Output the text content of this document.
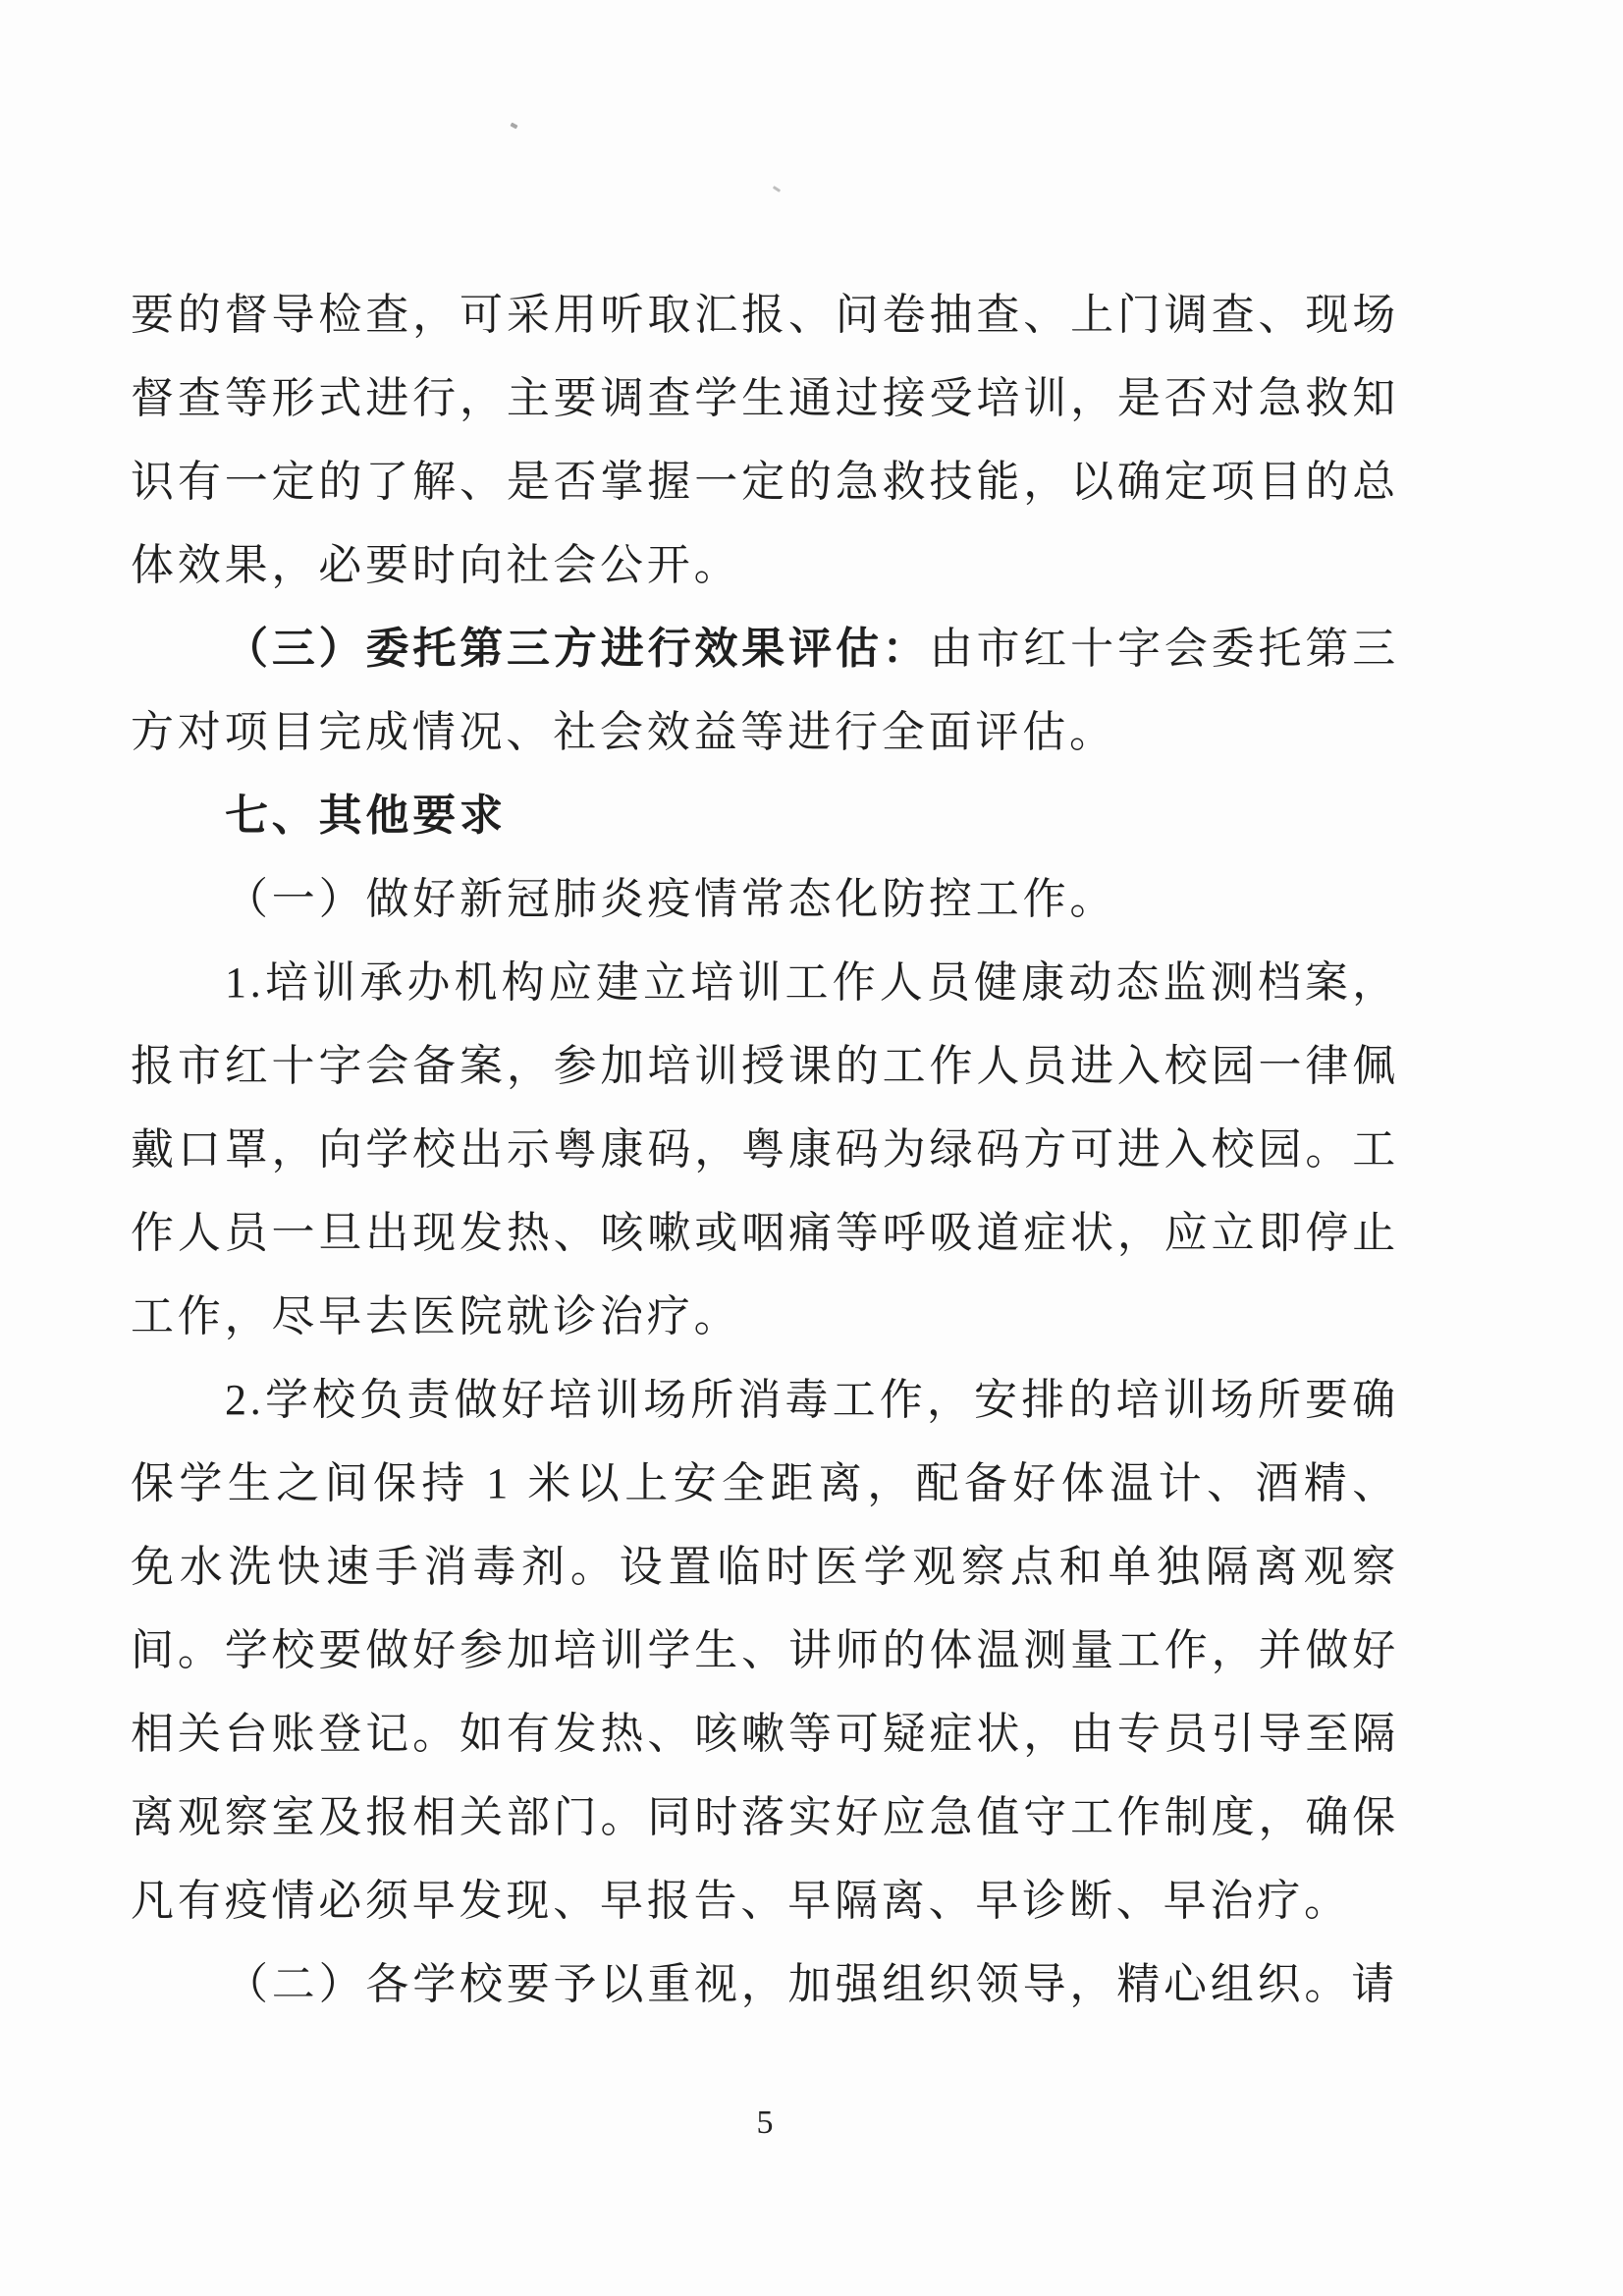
要的督导检查，可采用听取汇报、问卷抽查、上门调查、现场督查等形式进行，主要调查学生通过接受培训，是否对急救知识有一定的了解、是否掌握一定的急救技能，以确定项目的总体效果，必要时向社会公开。

（三）委托第三方进行效果评估：由市红十字会委托第三方对项目完成情况、社会效益等进行全面评估。

七、其他要求

（一）做好新冠肺炎疫情常态化防控工作。

1.培训承办机构应建立培训工作人员健康动态监测档案，报市红十字会备案，参加培训授课的工作人员进入校园一律佩戴口罩，向学校出示粤康码，粤康码为绿码方可进入校园。工作人员一旦出现发热、咳嗽或咽痛等呼吸道症状，应立即停止工作，尽早去医院就诊治疗。

2.学校负责做好培训场所消毒工作，安排的培训场所要确保学生之间保持 1 米以上安全距离，配备好体温计、酒精、免水洗快速手消毒剂。设置临时医学观察点和单独隔离观察间。学校要做好参加培训学生、讲师的体温测量工作，并做好相关台账登记。如有发热、咳嗽等可疑症状，由专员引导至隔离观察室及报相关部门。同时落实好应急值守工作制度，确保凡有疫情必须早发现、早报告、早隔离、早诊断、早治疗。

（二）各学校要予以重视，加强组织领导，精心组织。请

5
